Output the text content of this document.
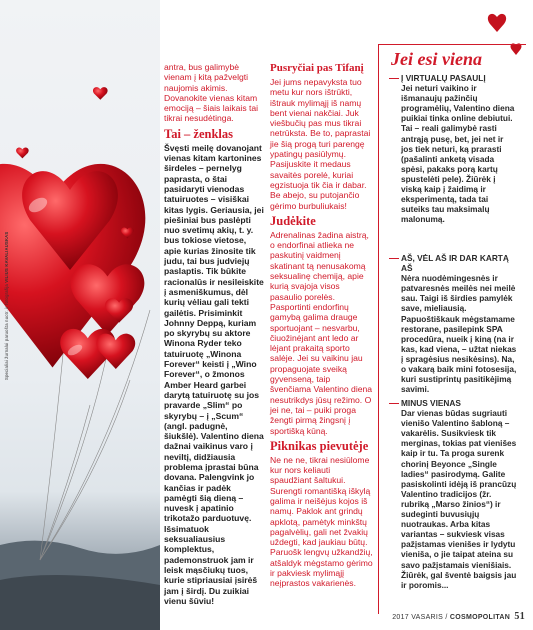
Specialiai žurnalui paruošta nuotr. ir fotografija VILIUS KAVALIAUSKAS

antra, bus galimybė vienam į kitą pažvelgti naujomis akimis. Dovanokite vienas kitam emociją – šiais laikais tai tikrai nesudėtinga.

Tai – ženklas

Švęsti meilę dovanojant vienas kitam kartonines širdeles – pernelyg paprasta, o štai pasidaryti vienodas tatuiruotes – visiškai kitas lygis. Geriausia, jei piešiniai bus paslėpti nuo svetimų akių, t. y. bus tokiose vietose, apie kurias žinosite tik judu, tai bus judviejų paslaptis. Tik būkite racionalūs ir nesileiskite į asmeniškumus, dėl kurių vėliau gali tekti gailėtis. Prisiminkit Johnny Deppą, kuriam po skyrybų su aktore Winona Ryder teko tatuiruotę „Winona Forever“ keisti į „Wino Forever“, o žmonos Amber Heard garbei darytą tatuiruotę su jos pravarde „Slim“ po skyrybų – į „Scum“ (angl. padugnė, šiukšlė). Valentino diena dažnai vaikinus varo į neviltį, didžiausia problema įprastai būna dovana. Palengvink jo kančias ir padėk pamėgti šią dieną – nuvesk į apatinio trikotažo parduotuvę. Išsimatuok seksualiausius komplektus, pademonstruok jam ir leisk mąsčiukų tuos, kurie stipriausiai įsirėš jam į širdį. Du zuikiai vienu šūviu!

Pusryčiai pas Tifanį

Jei jums nepavyksta tuo metu kur nors ištrūkti, ištrauk mylimąjį iš namų bent vienai nakčiai. Juk viešbučių pas mus tikrai netrūksta. Be to, paprastai jie šią progą turi parengę ypatingų pasiūlymų. Pasijuskite it medaus savaitės porelė, kuriai egzistuoja tik čia ir dabar. Be abejo, su putojančio gėrimo burbuliukais!

Judėkite

Adrenalinas žadina aistrą, o endorfinai atlieka ne paskutinį vaidmenį skatinant tą nenusakomą seksualinę chemiją, apie kurią svajoja visos pasaulio porelės. Pasportinti endorfinų gamybą galima drauge sportuojant – nesvarbu, čiuožinėjant ant ledo ar lėjant prakaitą sporto salėje. Jei su vaikinu jau propaguojate sveiką gyvenseną, taip švenčiama Valentino diena nesutrikdys jūsų režimo. O jei ne, tai – puiki proga žengti pirmą žingsnį į sportišką kūną.

Piknikas pievutėje

Ne ne ne, tikrai nesiūlome kur nors keliauti spaudžiant šaltukui. Surengti romantišką iškylą galima ir neišėjus kojos iš namų. Paklok ant grindų apklotą, pamėtyk minkštų pagalvėlių, gali net žvakių uždegti, kad jaukiau būtų. Paruošk lengvų užkandžių, atšaldyk mėgstamo gėrimo ir pakviesk mylimąjį neįprastos vakarienės.

Jei esi viena
Į VIRTUALŲ PASAULĮ

Jei neturi vaikino ir išmanaujų pažinčių programėlių, Valentino diena puikiai tinka online debiutui. Tai – reali galimybė rasti antrąją pusę, bet, jei net ir jos tiek neturi, ką prarasti (pašalinti anketą visada spėsi, pakaks porą kartų spustelėti pele). Žiūrėk į viską kaip į žaidimą ir eksperimentą, tada tai suteiks tau maksimalų malonumą.

AŠ, VĖL AŠ IR DAR KARTĄ AŠ

Nėra nuodėmingesnės ir patvaresnės meilės nei meilė sau. Taigi iš širdies pamylėk save, mieliausią. Papuoštiškauk mėgstamame restorane, pasilepink SPA procedūra, nueik į kiną (na ir kas, kad viena, – užtat niekas į spragėsius nesikėsins). Na, o vakarą baik mini fotosesija, kuri sustiprintų pasitikėjimą savimi.

MINUS VIENAS

Dar vienas būdas sugriauti vienišo Valentino šabloną – vakarėlis. Susikviesk tik merginas, tokias pat vienišes kaip ir tu. Ta proga surenk chorinį Beyonce „Single ladies“ pasirodymą. Galite pasiskolinti idėją iš prancūzų Valentino tradicijos (žr. rubriką „Marso žinios“) ir sudeginti buvusiųjų nuotraukas. Arba kitas variantas – sukviesk visas pažįstamas vienišes ir lydytu vieniša, o jie taipat ateina su savo pažįstamais vienišiais. Žiūrėk, gal šventė baigsis jau ir poromis...

2017 VASARIS / COSMOPOLITAN 51
